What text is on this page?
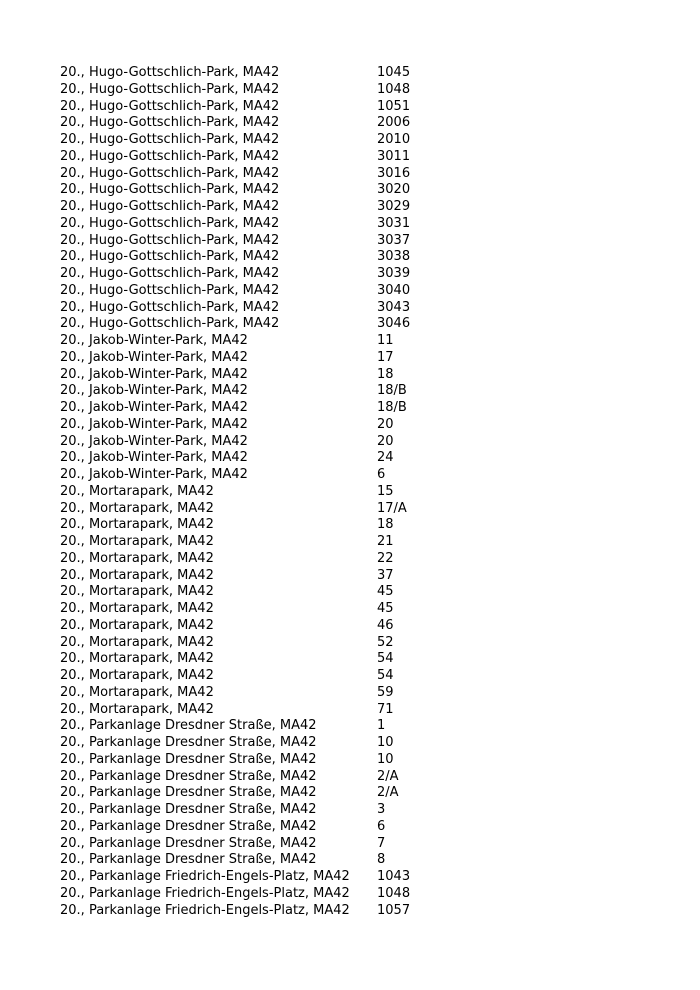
20., Hugo-Gottschlich-Park, MA42	1045
20., Hugo-Gottschlich-Park, MA42	1048
20., Hugo-Gottschlich-Park, MA42	1051
20., Hugo-Gottschlich-Park, MA42	2006
20., Hugo-Gottschlich-Park, MA42	2010
20., Hugo-Gottschlich-Park, MA42	3011
20., Hugo-Gottschlich-Park, MA42	3016
20., Hugo-Gottschlich-Park, MA42	3020
20., Hugo-Gottschlich-Park, MA42	3029
20., Hugo-Gottschlich-Park, MA42	3031
20., Hugo-Gottschlich-Park, MA42	3037
20., Hugo-Gottschlich-Park, MA42	3038
20., Hugo-Gottschlich-Park, MA42	3039
20., Hugo-Gottschlich-Park, MA42	3040
20., Hugo-Gottschlich-Park, MA42	3043
20., Hugo-Gottschlich-Park, MA42	3046
20., Jakob-Winter-Park, MA42	11
20., Jakob-Winter-Park, MA42	17
20., Jakob-Winter-Park, MA42	18
20., Jakob-Winter-Park, MA42	18/B
20., Jakob-Winter-Park, MA42	18/B
20., Jakob-Winter-Park, MA42	20
20., Jakob-Winter-Park, MA42	20
20., Jakob-Winter-Park, MA42	24
20., Jakob-Winter-Park, MA42	6
20., Mortarapark, MA42	15
20., Mortarapark, MA42	17/A
20., Mortarapark, MA42	18
20., Mortarapark, MA42	21
20., Mortarapark, MA42	22
20., Mortarapark, MA42	37
20., Mortarapark, MA42	45
20., Mortarapark, MA42	45
20., Mortarapark, MA42	46
20., Mortarapark, MA42	52
20., Mortarapark, MA42	54
20., Mortarapark, MA42	54
20., Mortarapark, MA42	59
20., Mortarapark, MA42	71
20., Parkanlage Dresdner Straße, MA42	1
20., Parkanlage Dresdner Straße, MA42	10
20., Parkanlage Dresdner Straße, MA42	10
20., Parkanlage Dresdner Straße, MA42	2/A
20., Parkanlage Dresdner Straße, MA42	2/A
20., Parkanlage Dresdner Straße, MA42	3
20., Parkanlage Dresdner Straße, MA42	6
20., Parkanlage Dresdner Straße, MA42	7
20., Parkanlage Dresdner Straße, MA42	8
20., Parkanlage Friedrich-Engels-Platz, MA42 1043
20., Parkanlage Friedrich-Engels-Platz, MA42 1048
20., Parkanlage Friedrich-Engels-Platz, MA42 1057
